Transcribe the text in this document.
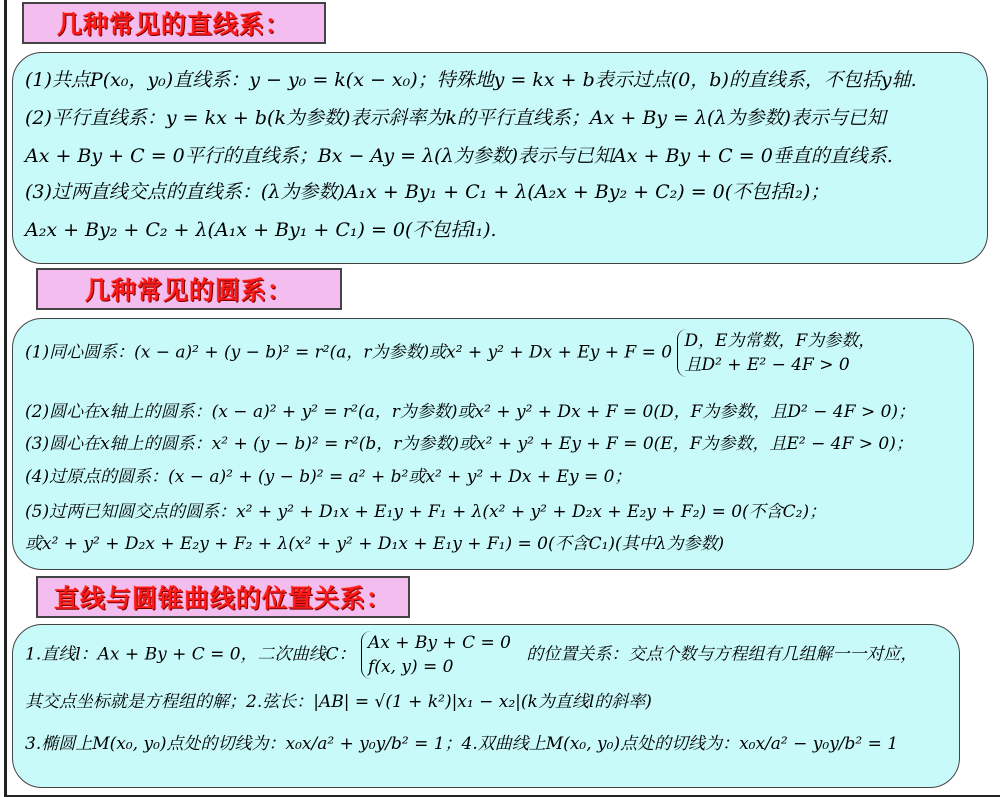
几种常见的直线系：
(1)共点P(x₀，y₀)直线系：y − y₀ = k(x − x₀)；特殊地y = kx + b表示过点(0，b)的直线系，不包括y轴.
(2)平行直线系：y = kx + b(k为参数)表示斜率为k的平行直线系；Ax + By = λ(λ为参数)表示与已知
Ax + By + C = 0平行的直线系；Bx − Ay = λ(λ为参数)表示与已知Ax + By + C = 0垂直的直线系.
(3)过两直线交点的直线系：(λ为参数)A₁x + By₁ + C₁ + λ(A₂x + By₂ + C₂) = 0(不包括l₂)；
A₂x + By₂ + C₂ + λ(A₁x + By₁ + C₁) = 0(不包括l₁).
几种常见的圆系：
(1)同心圆系：(x − a)² + (y − b)² = r²(a，r为参数)或x² + y² + Dx + Ey + F = 0
D，E为常数，F为参数，
且D² + E² − 4F > 0
(2)圆心在x轴上的圆系：(x − a)² + y² = r²(a，r为参数)或x² + y² + Dx + F = 0(D，F为参数，且D² − 4F > 0)；
(3)圆心在x轴上的圆系：x² + (y − b)² = r²(b，r为参数)或x² + y² + Ey + F = 0(E，F为参数，且E² − 4F > 0)；
(4)过原点的圆系：(x − a)² + (y − b)² = a² + b²或x² + y² + Dx + Ey = 0；
(5)过两已知圆交点的圆系：x² + y² + D₁x + E₁y + F₁ + λ(x² + y² + D₂x + E₂y + F₂) = 0(不含C₂)；
或x² + y² + D₂x + E₂y + F₂ + λ(x² + y² + D₁x + E₁y + F₁) = 0(不含C₁)(其中λ为参数)
直线与圆锥曲线的位置关系：
1.直线l：Ax + By + C = 0，二次曲线C：
Ax + By + C = 0
f(x, y) = 0
的位置关系：交点个数与方程组有几组解一一对应，
其交点坐标就是方程组的解；2.弦长：|AB| = √(1 + k²)|x₁ − x₂|(k为直线l的斜率)
3.椭圆上M(x₀, y₀)点处的切线为：x₀x/a² + y₀y/b² = 1；4.双曲线上M(x₀, y₀)点处的切线为：x₀x/a² − y₀y/b² = 1
